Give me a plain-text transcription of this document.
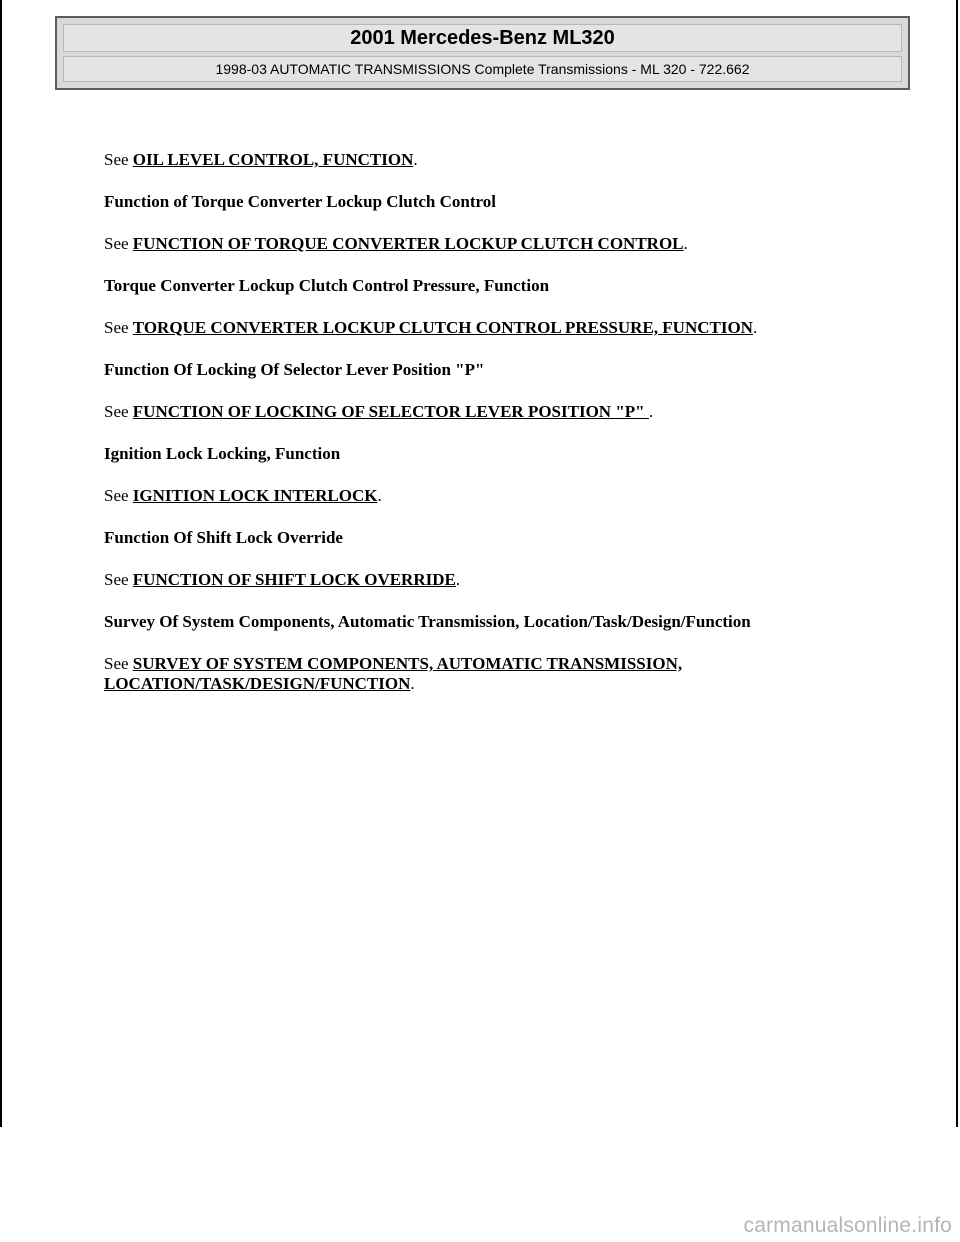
2001 Mercedes-Benz ML320
1998-03 AUTOMATIC TRANSMISSIONS Complete Transmissions - ML 320 - 722.662

See OIL LEVEL CONTROL, FUNCTION.

Function of Torque Converter Lockup Clutch Control

See FUNCTION OF TORQUE CONVERTER LOCKUP CLUTCH CONTROL.

Torque Converter Lockup Clutch Control Pressure, Function

See TORQUE CONVERTER LOCKUP CLUTCH CONTROL PRESSURE, FUNCTION.

Function Of Locking Of Selector Lever Position "P"

See FUNCTION OF LOCKING OF SELECTOR LEVER POSITION "P" .

Ignition Lock Locking, Function

See IGNITION LOCK INTERLOCK.

Function Of Shift Lock Override

See FUNCTION OF SHIFT LOCK OVERRIDE.

Survey Of System Components, Automatic Transmission, Location/Task/Design/Function

See SURVEY OF SYSTEM COMPONENTS, AUTOMATIC TRANSMISSION,
LOCATION/TASK/DESIGN/FUNCTION.

carmanualsonline.info
